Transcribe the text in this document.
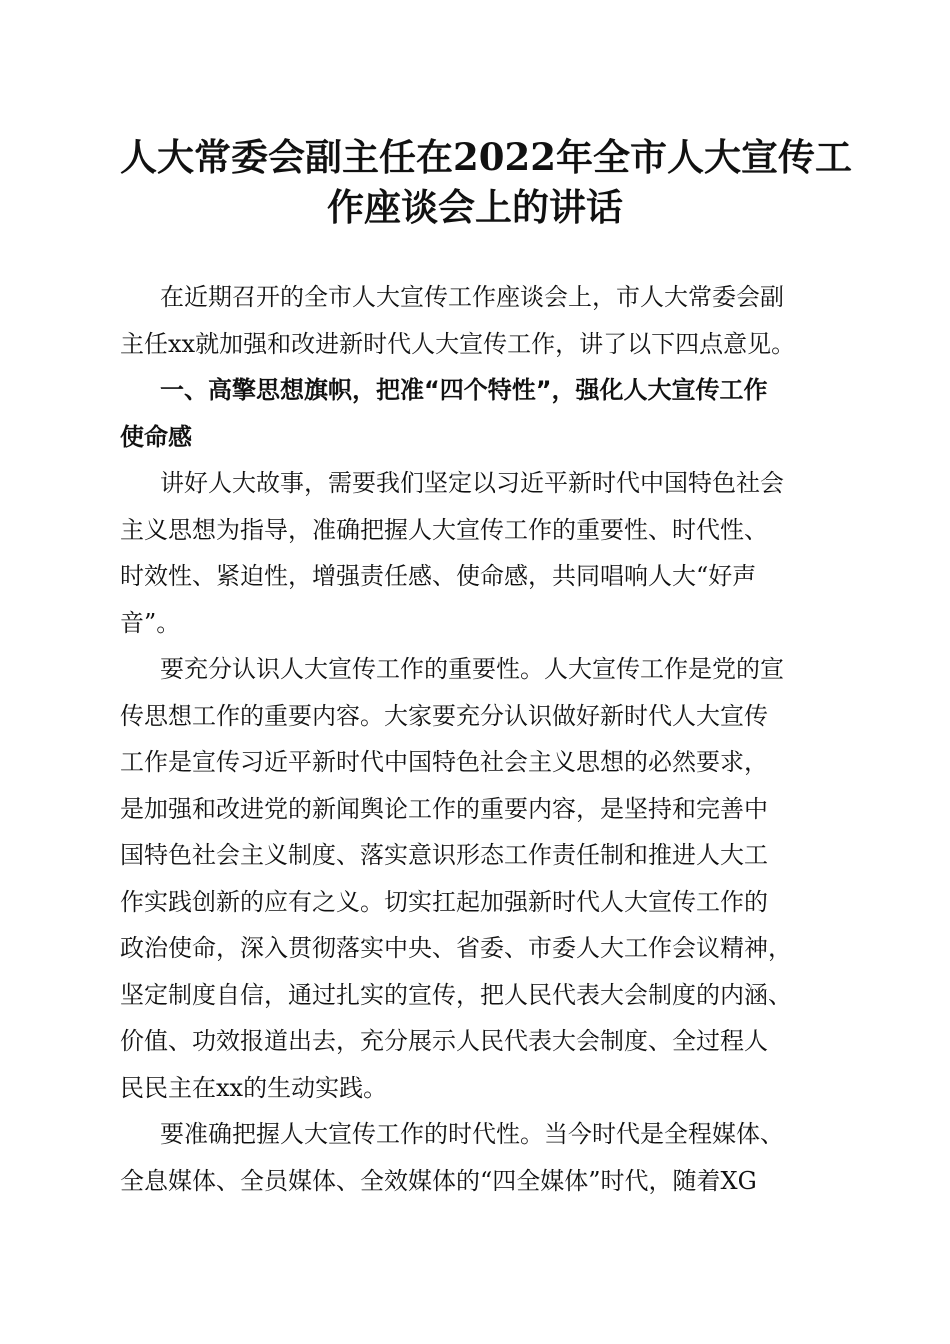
人大常委会副主任在2022年全市人大宣传工
作座谈会上的讲话

在近期召开的全市人大宣传工作座谈会上，市人大常委会副
主任xx就加强和改进新时代人大宣传工作，讲了以下四点意见。

一、高擎思想旗帜，把准“四个特性”，强化人大宣传工作
使命感

讲好人大故事，需要我们坚定以习近平新时代中国特色社会
主义思想为指导，准确把握人大宣传工作的重要性、时代性、
时效性、紧迫性，增强责任感、使命感，共同唱响人大“好声
音”。

要充分认识人大宣传工作的重要性。人大宣传工作是党的宣
传思想工作的重要内容。大家要充分认识做好新时代人大宣传
工作是宣传习近平新时代中国特色社会主义思想的必然要求，
是加强和改进党的新闻舆论工作的重要内容，是坚持和完善中
国特色社会主义制度、落实意识形态工作责任制和推进人大工
作实践创新的应有之义。切实扛起加强新时代人大宣传工作的
政治使命，深入贯彻落实中央、省委、市委人大工作会议精神，
坚定制度自信，通过扎实的宣传，把人民代表大会制度的内涵、
价值、功效报道出去，充分展示人民代表大会制度、全过程人
民民主在xx的生动实践。

要准确把握人大宣传工作的时代性。当今时代是全程媒体、
全息媒体、全员媒体、全效媒体的“四全媒体”时代，随着XG
